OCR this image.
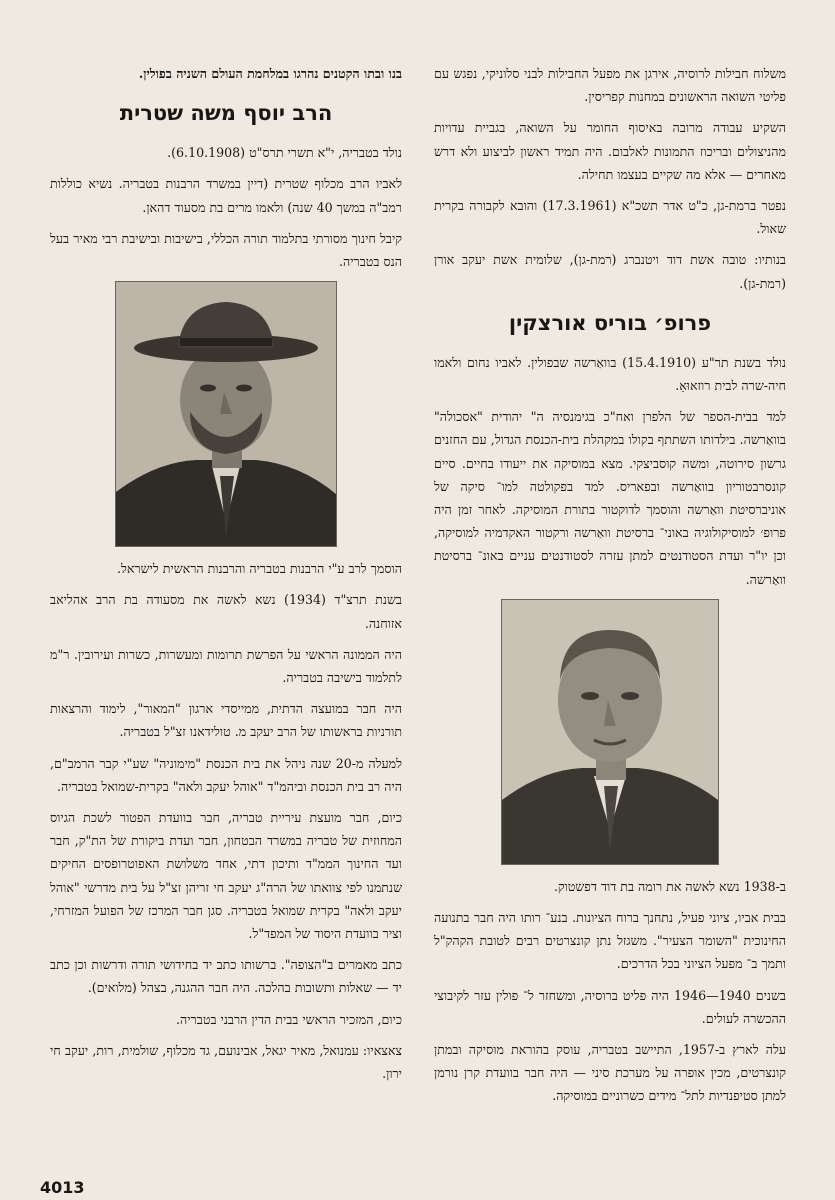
משלוח חבילות לרוסיה, אירגן את מפעל החבילות לבני סלוניקי, נפגש עם פליטי השואה הראשונים במחנות קפריסין.

השקיע עבודה מרובה באיסוף החומר על השואה, בגביית עדויות מהניצולים ובריכוז התמונות לאלבום. היה תמיד ראשון לביצוע ולא דרש מאחרים — אלא מה שקיים בעצמו תחילה.

נפטר ברמת-גן, כ"ט אדר תשכ"א (17.3.1961) והובא לקבורה בקרית שאול.

בנותיו: טובה אשת דוד ויטנברג (רמת-גן), שלומית אשת יעקב אורן (רמת-גן).

פרופ׳ בוריס אורצקין

נולד בשנת תר"ע (15.4.1910) בוואַרשה שבפולין. לאביו נחום ולאמו חיה-שרה לבית רוזאוּאַ.

למד בבית-הספר של הלפרן ואח"כ בגימנסיה ה" יהודית "אסכולה" בוואַרשה. בילדותו השתתף בקולו במקהלת בית-הכנסת הגדול, עם החזנים גרשון סירוטה, ומשה קוסביצקי. מצא במוסיקה את ייעודו בחיים. סיים קונסרבטוריון בוואַרשה ובפאריס. למד בפקולטה למו־ סיקה של אוניברסיטת וואַרשה והוסמך לדוקטור בתורת המוסיקה. לאחר זמן היה פרופ׳ למוסיקולוגיה באוני־ ברסיטת וואַרשה ורקטור האקדמיה למוסיקה, וכן יו"ר ועדת הסטודנטים למתן עזרה לסטודנטים עניים באונ־ ברסיטת וואַרשה.

ב-1938 נשא לאשה את רומה בת דוד דפשטוק.

בבית אביו, ציוני פעיל, נתחנך ברוח הציונות. בנע־ רותו היה חבר בתנועה החינוכית "השומר הצעיר". משגזל נתן קונצרטים רבים לטובת הקהק"ל ותמך ב־ מפעל הציוני בכל הדרכים.

בשנים 1940—1946 היה פליט ברוסיה, ומשחזר ל־ פולין עזר לקיבוצי ההכשרה לעולים.

עלה לארץ ב-1957, התיישב בטבריה, עוסק בהוראת מוסיקה ובמתן קונצרטים, מכין אופרה על מערכת סיני — היה חבר בוועדת קרן נורמן למתן סטיפנדיות לתל־ מידים כשרוניים במוסיקה.

בנו ובתו הקטנים נהרגו במלחמת העולם השניה בפולין.

הרב יוסף משה שטרית

נולד בטבריה, י"א תשרי תרס"ט (6.10.1908).

לאביו הרב מכלוף שטרית (דיין במשרד הרבנות בטבריה. נשיא כוללות רמב"ה במשך 40 שנה) ולאמו מרים בת מסעוד דהאן.

קיבל חינוך מסורתי בתלמוד תורה הכללי, בישיבות ובישיבת רבי מאיר בעל הנס בטבריה.

הוסמך לרב ע"י הרבנות בטבריה והרבנות הראשית לישראל.

בשנת תרצ"ד (1934) נשא לאשה את מסעודה בת הרב אהליאב אזוחנה.

היה הממונה הראשי על הפרשת תרומות ומעשרות, כשרות ועירובין. ר"מ לתלמוד בישיבה בטבריה.

היה חבר במועצה הדתית, ממייסדי ארגון "המאור", לימוד והרצאות תורניות בראשותו של הרב יעקב מ. טולידאנו זצ"ל בטבריה.

למעלה מ-20 שנה ניהל את בית הכנסת "מימוניה" שע"י קבר הרמב"ם, היה רב בית הכנסת וביהמ"ד "אוהל יעקב ולאה" בקרית-שמואל בטבריה.

כיום, חבר מועצת עיריית טבריה, חבר בוועדת הפטור לשכת הגיוס המחוזית של טבריה במשרד הבטחון, חבר ועדת ביקורת של הת"ק, חבר ועד החינוך הממ"ד ותיכון דתי, אחד משלושת האפוטרופסים החיקים שנתמנו לפי צוואתו של הרה"ג יעקב חי זריהן זצ"ל על בית מדרשי "אוהל יעקב ולאה" בקרית שמואל בטבריה. סגן חבר המרכז של הפועל המזרחי, וציר בוועדת היסוד של המפד"ל.

כתב מאמרים ב"הצופה". ברשותו כתב יד בחידושי תורה ודרשות וכן כתב יד — שאלות ותשובות בהלכה. היה חבר ההגנה, בצהל (מלואים).

כיום, המזכיר הראשי בבית הדין הרבני בטבריה.

צאצאיו: עמנואל, מאיר יגאל, אבינועם, גד מכלוף, שולמית, רות, יעקב חי ירון.

4013
